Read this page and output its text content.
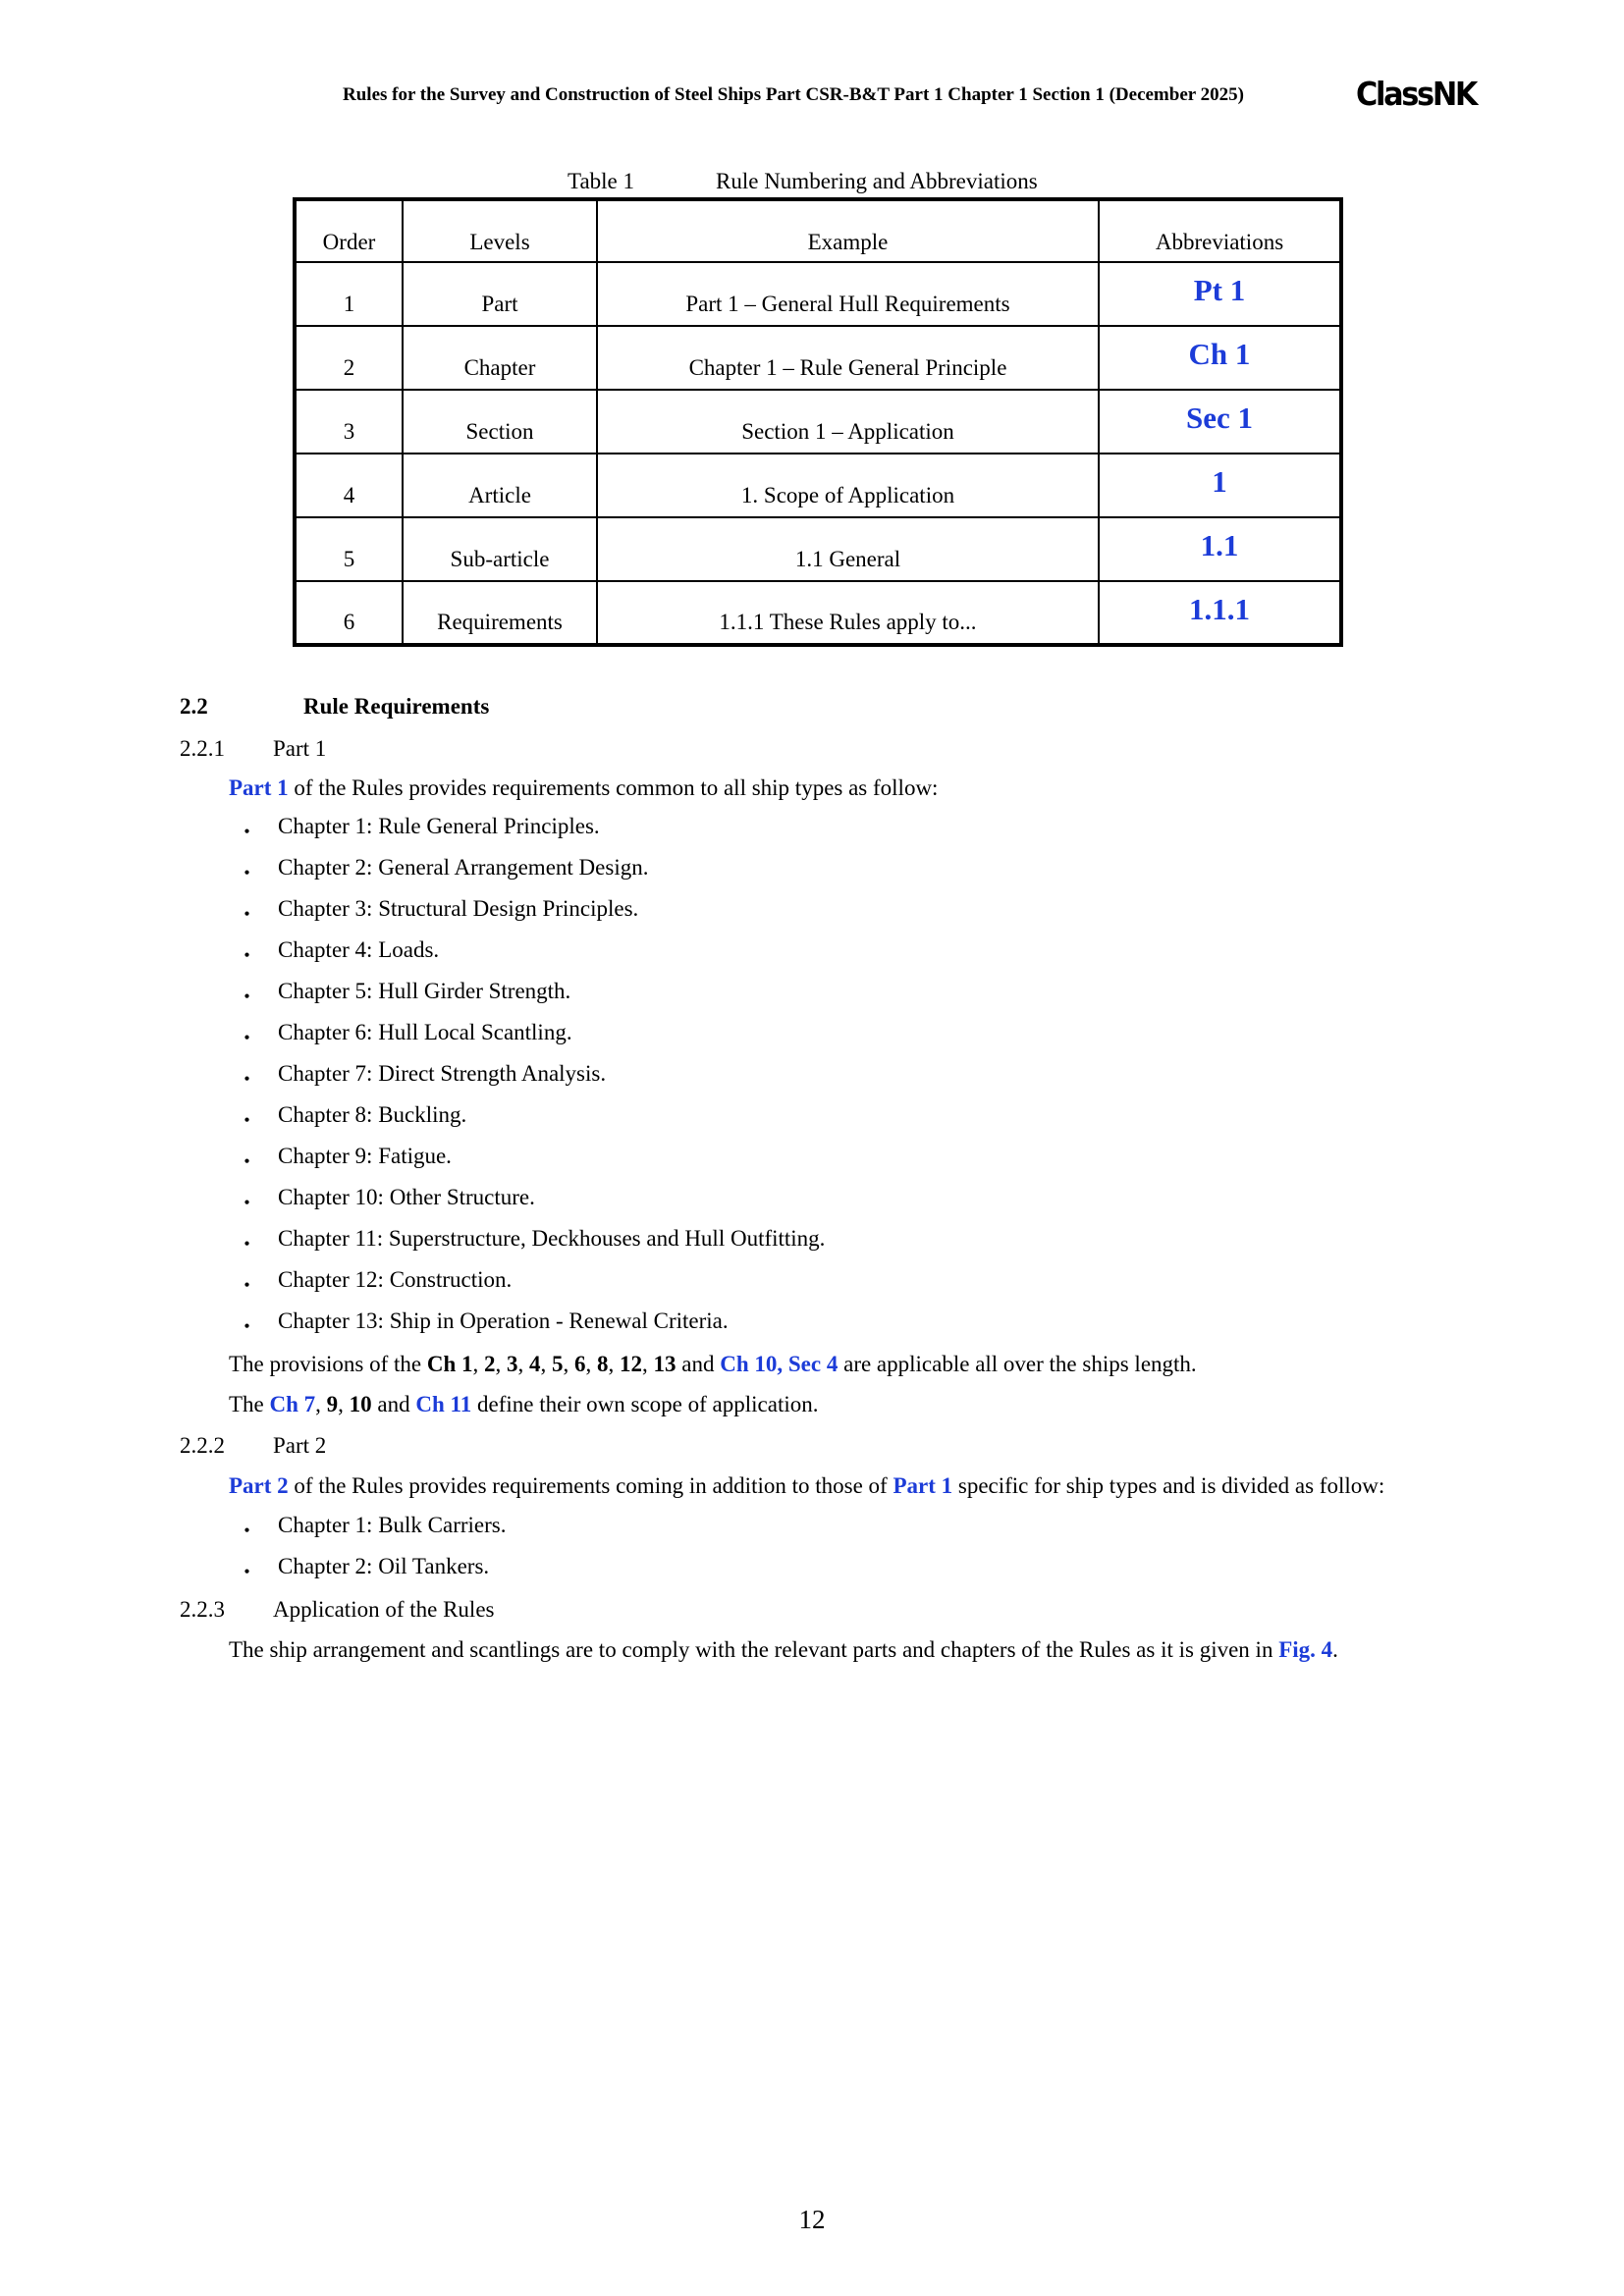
Rules for the Survey and Construction of Steel Ships Part CSR-B&T Part 1 Chapter 1 Section 1 (December 2025)	ClassNK
Table 1	Rule Numbering and Abbreviations
Order	Levels	Example	Abbreviations
1	Part	Part 1 – General Hull Requirements	Pt 1
2	Chapter	Chapter 1 – Rule General Principle	Ch 1
3	Section	Section 1 – Application	Sec 1
4	Article	1. Scope of Application	1
5	Sub-article	1.1 General	1.1
6	Requirements	1.1.1 These Rules apply to...	1.1.1
2.2	Rule Requirements
2.2.1 Part 1
Part 1 of the Rules provides requirements common to all ship types as follow:
・ Chapter 1: Rule General Principles.
・ Chapter 2: General Arrangement Design.
・ Chapter 3: Structural Design Principles.
・ Chapter 4: Loads.
・ Chapter 5: Hull Girder Strength.
・ Chapter 6: Hull Local Scantling.
・ Chapter 7: Direct Strength Analysis.
・ Chapter 8: Buckling.
・ Chapter 9: Fatigue.
・ Chapter 10: Other Structure.
・ Chapter 11: Superstructure, Deckhouses and Hull Outfitting.
・ Chapter 12: Construction.
・ Chapter 13: Ship in Operation - Renewal Criteria.
The provisions of the Ch 1, 2, 3, 4, 5, 6, 8, 12, 13 and Ch 10, Sec 4 are applicable all over the ships length.
The Ch 7, 9, 10 and Ch 11 define their own scope of application.
2.2.2 Part 2
Part 2 of the Rules provides requirements coming in addition to those of Part 1 specific for ship types and is divided as follow:
・ Chapter 1: Bulk Carriers.
・ Chapter 2: Oil Tankers.
2.2.3 Application of the Rules
The ship arrangement and scantlings are to comply with the relevant parts and chapters of the Rules as it is given in Fig. 4.
12
